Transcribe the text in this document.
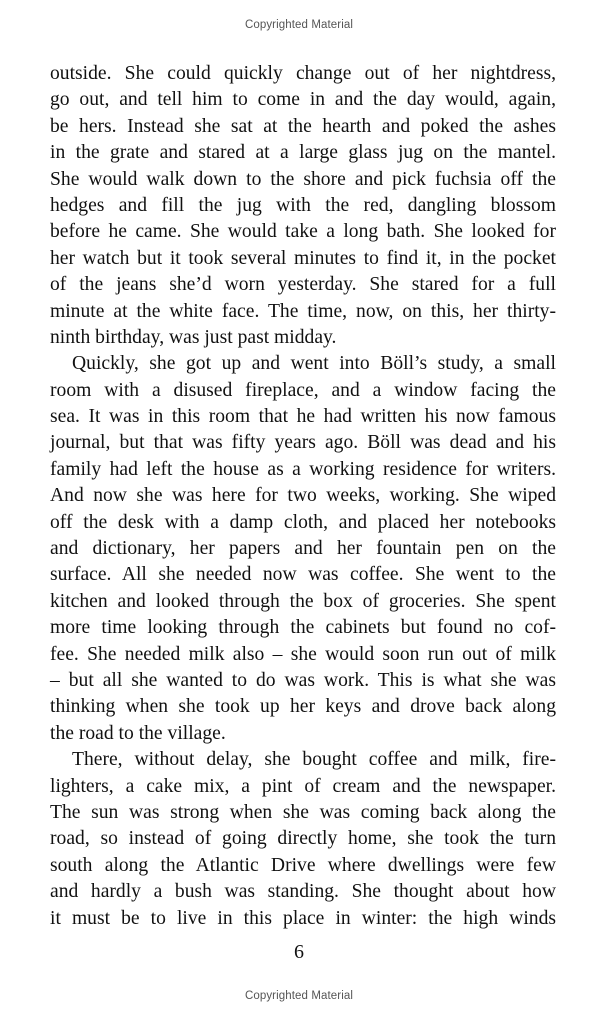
Copyrighted Material
outside. She could quickly change out of her nightdress,
go out, and tell him to come in and the day would, again,
be hers. Instead she sat at the hearth and poked the ashes
in the grate and stared at a large glass jug on the mantel.
She would walk down to the shore and pick fuchsia off the
hedges and fill the jug with the red, dangling blossom
before he came. She would take a long bath. She looked for
her watch but it took several minutes to find it, in the pocket
of the jeans she’d worn yesterday. She stared for a full
minute at the white face. The time, now, on this, her thirty-
ninth birthday, was just past midday.
Quickly, she got up and went into Böll’s study, a small
room with a disused fireplace, and a window facing the
sea. It was in this room that he had written his now famous
journal, but that was fifty years ago. Böll was dead and his
family had left the house as a working residence for writers.
And now she was here for two weeks, working. She wiped
off the desk with a damp cloth, and placed her notebooks
and dictionary, her papers and her fountain pen on the
surface. All she needed now was coffee. She went to the
kitchen and looked through the box of groceries. She spent
more time looking through the cabinets but found no cof-
fee. She needed milk also – she would soon run out of milk
– but all she wanted to do was work. This is what she was
thinking when she took up her keys and drove back along
the road to the village.
There, without delay, she bought coffee and milk, fire-
lighters, a cake mix, a pint of cream and the newspaper.
The sun was strong when she was coming back along the
road, so instead of going directly home, she took the turn
south along the Atlantic Drive where dwellings were few
and hardly a bush was standing. She thought about how
it must be to live in this place in winter: the high winds
6
Copyrighted Material
